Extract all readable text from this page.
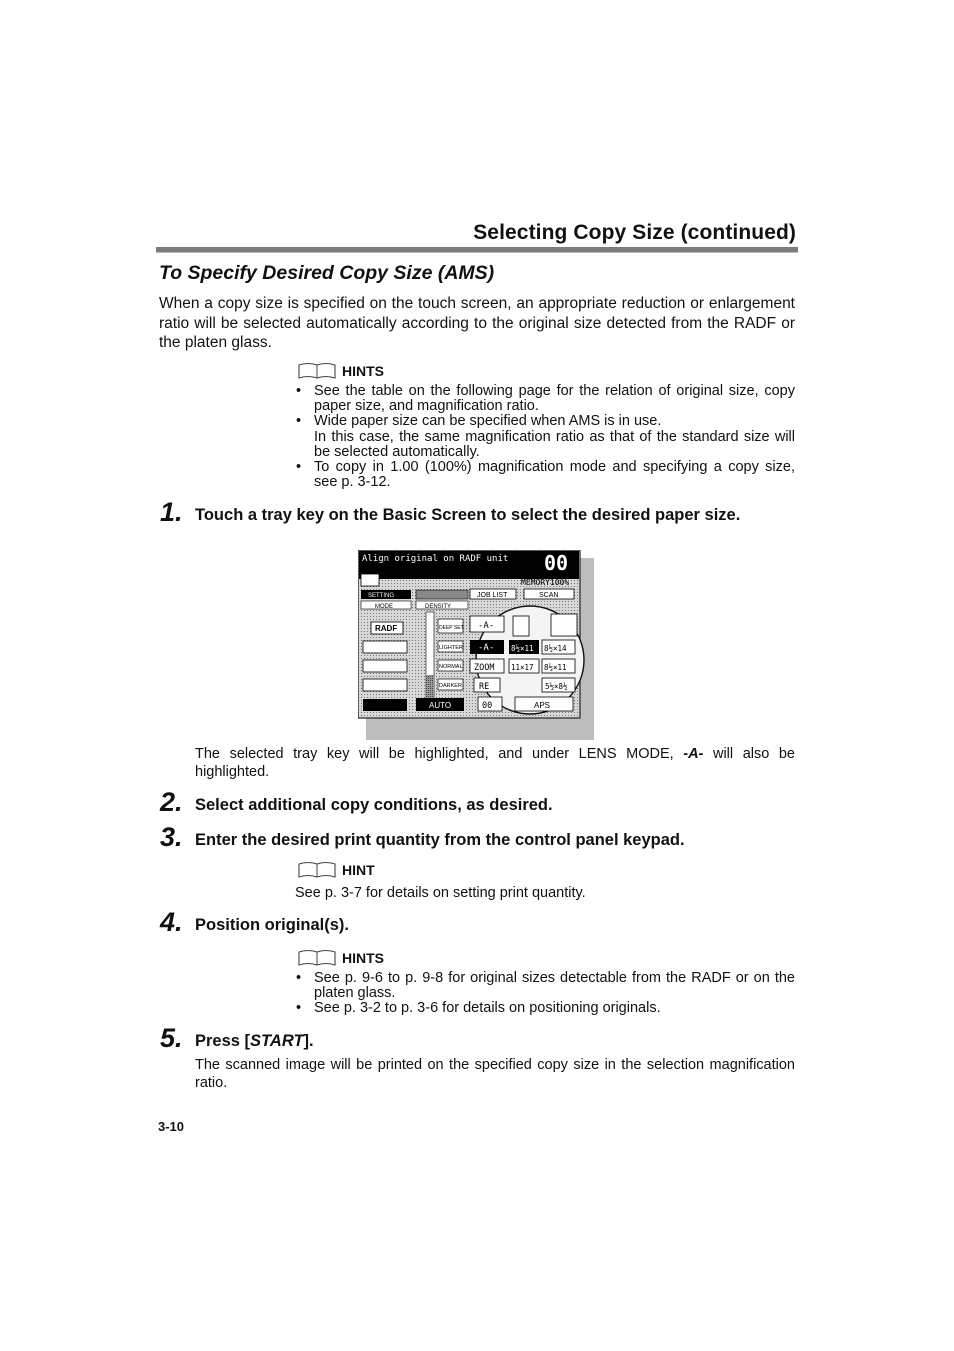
Selecting Copy Size (continued)
To Specify Desired Copy Size (AMS)
When a copy size is specified on the touch screen, an appropriate reduction or enlargement ratio will be selected automatically according to the original size detected from the RADF or the platen glass.
HINTS
• See the table on the following page for the relation of original size, copy paper size, and magnification ratio.
• Wide paper size can be specified when AMS is in use.
In this case, the same magnification ratio as that of the standard size will be selected automatically.
• To copy in 1.00 (100%) magnification mode and specifying a copy size, see p. 3-12.
1. Touch a tray key on the Basic Screen to select the desired paper size.
Align original on RADF unit 00
MEMORY100%
SETTING	JOB LIST	SCAN
MODE	DENSITY
RADF	DEEP SET
LIGHTER
NORMAL
DARKER
AUTO
-A-
-A- 8½×11 8½×14
ZOOM 11×17 8½×11
RE	5½×8½
00	APS
The selected tray key will be highlighted, and under LENS MODE, -A- will also be highlighted.
2. Select additional copy conditions, as desired.
3. Enter the desired print quantity from the control panel keypad.
HINT
See p. 3-7 for details on setting print quantity.
4. Position original(s).
HINTS
• See p. 9-6 to p. 9-8 for original sizes detectable from the RADF or on the platen glass.
• See p. 3-2 to p. 3-6 for details on positioning originals.
5. Press [START].
The scanned image will be printed on the specified copy size in the selection magnification ratio.
3-10
